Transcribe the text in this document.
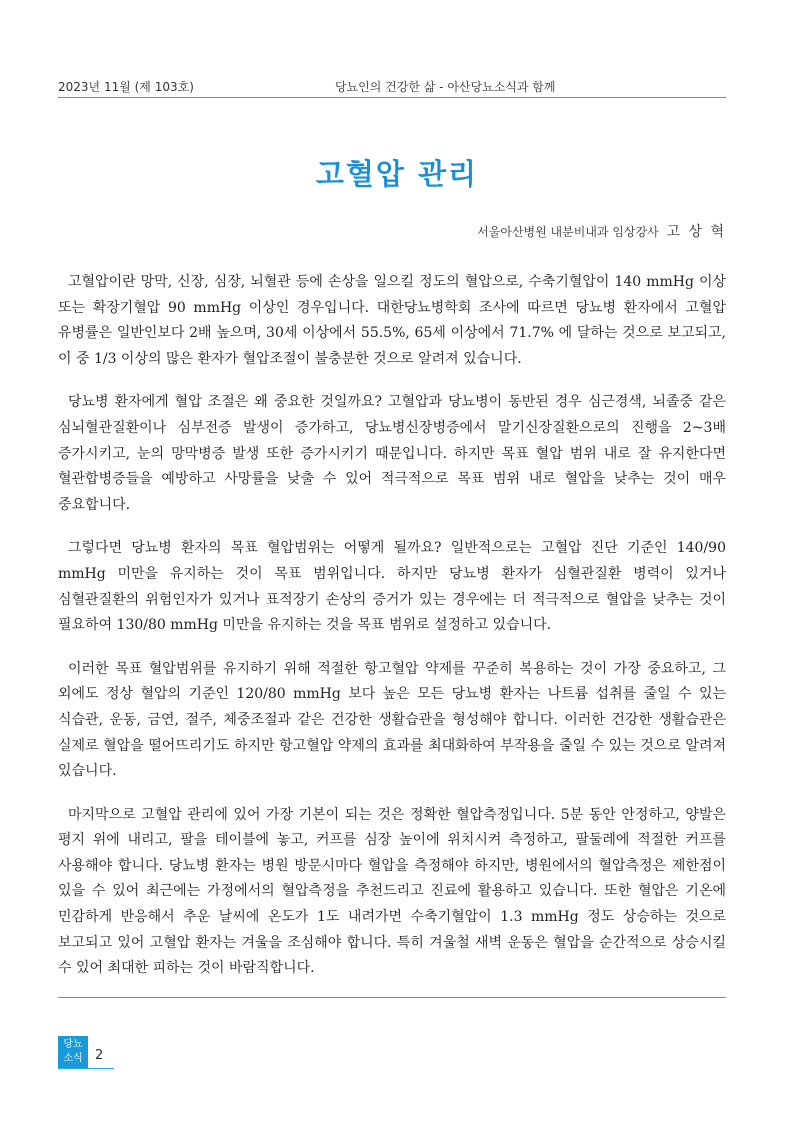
2023년 11월 (제 103호)	당뇨인의 건강한 삶 - 아산당뇨소식과 함께
고혈압 관리
서울아산병원 내분비내과 임상강사 고 상 혁

고혈압이란 망막, 신장, 심장, 뇌혈관 등에 손상을 일으킬 정도의 혈압으로, 수축기혈압이 140 mmHg 이상 또는 확장기혈압 90 mmHg 이상인 경우입니다. 대한당뇨병학회 조사에 따르면 당뇨병 환자에서 고혈압 유병률은 일반인보다 2배 높으며, 30세 이상에서 55.5%, 65세 이상에서 71.7% 에 달하는 것으로 보고되고, 이 중 1/3 이상의 많은 환자가 혈압조절이 불충분한 것으로 알려져 있습니다.

당뇨병 환자에게 혈압 조절은 왜 중요한 것일까요? 고혈압과 당뇨병이 동반된 경우 심근경색, 뇌졸중 같은 심뇌혈관질환이나 심부전증 발생이 증가하고, 당뇨병신장병증에서 말기신장질환으로의 진행을 2~3배 증가시키고, 눈의 망막병증 발생 또한 증가시키기 때문입니다. 하지만 목표 혈압 범위 내로 잘 유지한다면 혈관합병증들을 예방하고 사망률을 낮출 수 있어 적극적으로 목표 범위 내로 혈압을 낮추는 것이 매우 중요합니다.

그렇다면 당뇨병 환자의 목표 혈압범위는 어떻게 될까요? 일반적으로는 고혈압 진단 기준인 140/90 mmHg 미만을 유지하는 것이 목표 범위입니다. 하지만 당뇨병 환자가 심혈관질환 병력이 있거나 심혈관질환의 위험인자가 있거나 표적장기 손상의 증거가 있는 경우에는 더 적극적으로 혈압을 낮추는 것이 필요하여 130/80 mmHg 미만을 유지하는 것을 목표 범위로 설정하고 있습니다.

이러한 목표 혈압범위를 유지하기 위해 적절한 항고혈압 약제를 꾸준히 복용하는 것이 가장 중요하고, 그 외에도 정상 혈압의 기준인 120/80 mmHg 보다 높은 모든 당뇨병 환자는 나트륨 섭취를 줄일 수 있는 식습관, 운동, 금연, 절주, 체중조절과 같은 건강한 생활습관을 형성해야 합니다. 이러한 건강한 생활습관은 실제로 혈압을 떨어뜨리기도 하지만 항고혈압 약제의 효과를 최대화하여 부작용을 줄일 수 있는 것으로 알려져 있습니다.

마지막으로 고혈압 관리에 있어 가장 기본이 되는 것은 정확한 혈압측정입니다. 5분 동안 안정하고, 양발은 평지 위에 내리고, 팔을 테이블에 놓고, 커프를 심장 높이에 위치시켜 측정하고, 팔둘레에 적절한 커프를 사용해야 합니다. 당뇨병 환자는 병원 방문시마다 혈압을 측정해야 하지만, 병원에서의 혈압측정은 제한점이 있을 수 있어 최근에는 가정에서의 혈압측정을 추천드리고 진료에 활용하고 있습니다. 또한 혈압은 기온에 민감하게 반응해서 추운 날씨에 온도가 1도 내려가면 수축기혈압이 1.3 mmHg 정도 상승하는 것으로 보고되고 있어 고혈압 환자는 겨울을 조심해야 합니다. 특히 겨울철 새벽 운동은 혈압을 순간적으로 상승시킬 수 있어 최대한 피하는 것이 바람직합니다.

당뇨
소식 2
